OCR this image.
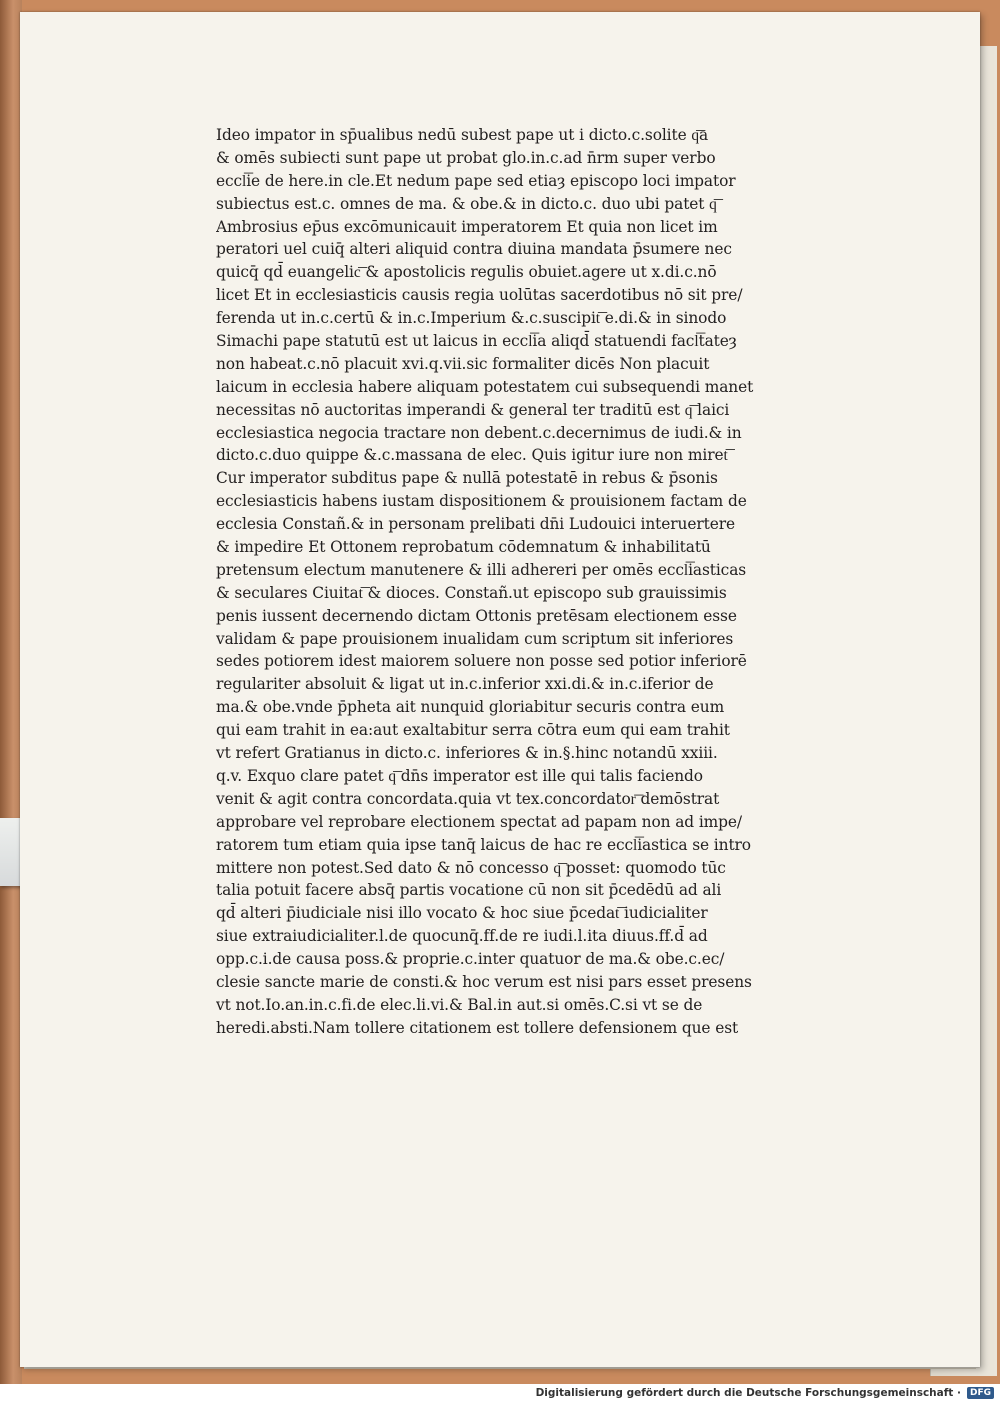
Ideo impator in sp̄ualibus nedū subest pape ut i dicto.c.solite q͞a
& omēs subiecti sunt pape ut probat glo.in.c.ad n̄rm super verbo
eccl͞ie de here.in cle.Et nedum pape sed etiaȝ episcopo loci impator
subiectus est.c. omnes de ma. & obe.& in dicto.c. duo ubi patet q͞
Ambrosius ep̄us excōmunicauit imperatorem Et quia non licet im
peratori uel cuiq̄ alteri aliquid contra diuina mandata p̄sumere nec
quicq̄ qd̄ euangelic͞ & apostolicis regulis obuiet.agere ut x.di.c.nō
licet Et in ecclesiasticis causis regia uolūtas sacerdotibus nō sit pre/
ferenda ut in.c.certū & in.c.Imperium &.c.suscipit͞ e.di.& in sinodo
Simachi pape statutū est ut laicus in eccl͞ia aliqd̄ statuendi facl͞tateȝ
non habeat.c.nō placuit xvi.q.vii.sic formaliter dicēs Non placuit
laicum in ecclesia habere aliquam potestatem cui subsequendi manet
necessitas nō auctoritas imperandi & general ter traditū est q͞ laici
ecclesiastica negocia tractare non debent.c.decernimus de iudi.& in
dicto.c.duo quippe &.c.massana de elec. Quis igitur iure non miret͞
Cur imperator subditus pape & nullā potestatē in rebus & p̄sonis
ecclesiasticis habens iustam dispositionem & prouisionem factam de
ecclesia Constañ.& in personam prelibati dn̄i Ludouici interuertere
& impedire Et Ottonem reprobatum cōdemnatum & inhabilitatū
pretensum electum manutenere & illi adhereri per omēs eccl͞iasticas
& seculares Ciuitat͞ & dioces. Constañ.ut episcopo sub grauissimis
penis iussent decernendo dictam Ottonis pretēsam electionem esse
validam & pape prouisionem inualidam cum scriptum sit inferiores
sedes potiorem idest maiorem soluere non posse sed potior inferiorē
regulariter absoluit & ligat ut in.c.inferior xxi.di.& in.c.iferior de
ma.& obe.vnde p̄pheta ait nunquid gloriabitur securis contra eum
qui eam trahit in ea:aut exaltabitur serra cōtra eum qui eam trahit
vt refert Gratianus in dicto.c. inferiores & in.§.hinc notandū xxiii.
q.v. Exquo clare patet q͞ dn̄s imperator est ille qui talis faciendo
venit & agit contra concordata.quia vt tex.concordator͞ demōstrat
approbare vel reprobare electionem spectat ad papam non ad impe/
ratorem tum etiam quia ipse tanq̄ laicus de hac re eccl͞iastica se intro
mittere non potest.Sed dato & nō concesso q͞ posset: quomodo tūc
talia potuit facere absq̄ partis vocatione cū non sit p̄cedēdū ad ali
qd̄ alteri p̄iudiciale nisi illo vocato & hoc siue p̄cedat͞ iudicialiter
siue extraiudicialiter.l.de quocunq̄.ff.de re iudi.l.ita diuus.ff.d̄ ad
opp.c.i.de causa poss.& proprie.c.inter quatuor de ma.& obe.c.ec/
clesie sancte marie de consti.& hoc verum est nisi pars esset presens
vt not.Io.an.in.c.fi.de elec.li.vi.& Bal.in aut.si omēs.C.si vt se de
heredi.absti.Nam tollere citationem est tollere defensionem que est
Digitalisierung gefördert durch die Deutsche Forschungsgemeinschaft ·	DFG
